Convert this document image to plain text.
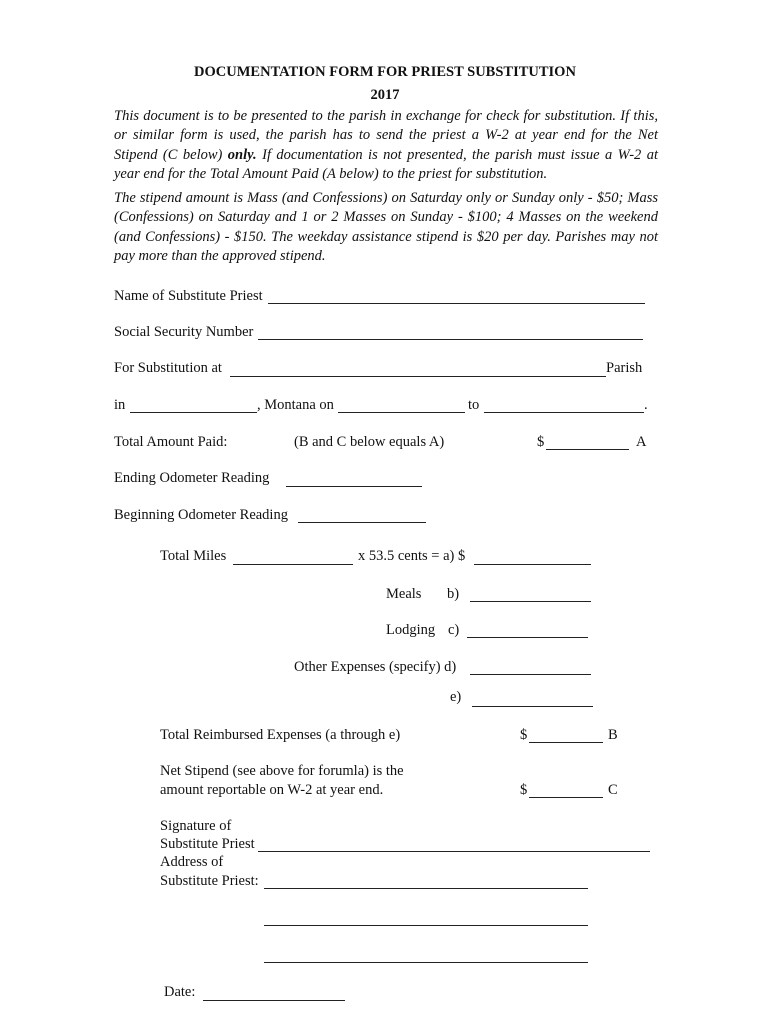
DOCUMENTATION FORM FOR PRIEST SUBSTITUTION
2017
This document is to be presented to the parish in exchange for check for substitution. If this, or similar form is used, the parish has to send the priest a W-2 at year end for the Net Stipend (C below) only. If documentation is not presented, the parish must issue a W-2 at year end for the Total Amount Paid (A below) to the priest for substitution.
The stipend amount is Mass (and Confessions) on Saturday only or Sunday only - $50; Mass (Confessions) on Saturday and 1 or 2 Masses on Sunday - $100; 4 Masses on the weekend (and Confessions) - $150. The weekday assistance stipend is $20 per day. Parishes may not pay more than the approved stipend.
Name of Substitute Priest
Social Security Number
For Substitution at	Parish
in	, Montana on	to	.
Total Amount Paid:	(B and C below equals A)	$	A
Ending Odometer Reading
Beginning Odometer Reading
Total Miles	x 53.5 cents = a) $
Meals b)
Lodging c)
Other Expenses (specify) d)
e)
Total Reimbursed Expenses (a through e)	$	B
Net Stipend (see above for forumla) is the
amount reportable on W-2 at year end.	$	C
Signature of
Substitute Priest
Address of
Substitute Priest:
Date:
